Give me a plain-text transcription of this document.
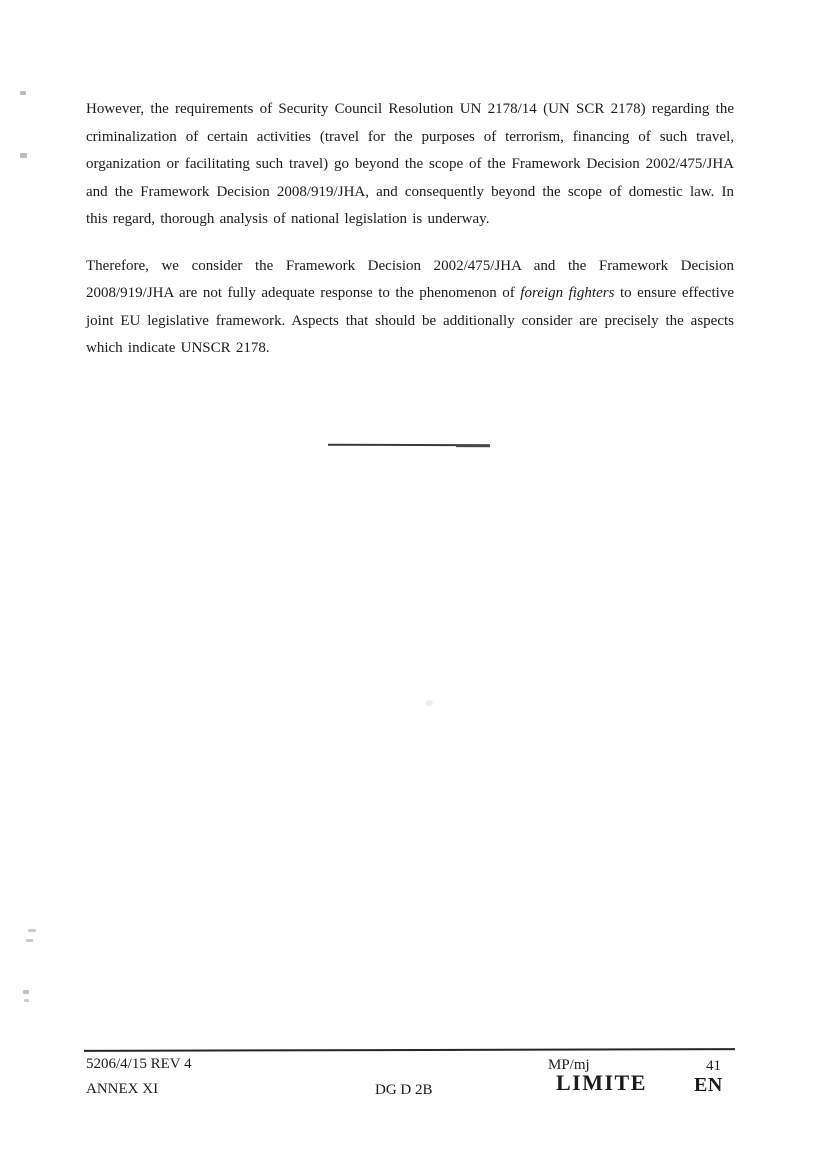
However, the requirements of Security Council Resolution UN 2178/14 (UN SCR 2178) regarding the criminalization of certain activities (travel for the purposes of terrorism, financing of such travel, organization or facilitating such travel) go beyond the scope of the Framework Decision 2002/475/JHA and the Framework Decision 2008/919/JHA, and consequently beyond the scope of domestic law. In this regard, thorough analysis of national legislation is underway.

Therefore, we consider the Framework Decision 2002/475/JHA and the Framework Decision 2008/919/JHA are not fully adequate response to the phenomenon of foreign fighters to ensure effective joint EU legislative framework. Aspects that should be additionally consider are precisely the aspects which indicate UNSCR 2178.

5206/4/15 REV 4	MP/mj	41
ANNEX XI	DG D 2B	LIMITE EN
